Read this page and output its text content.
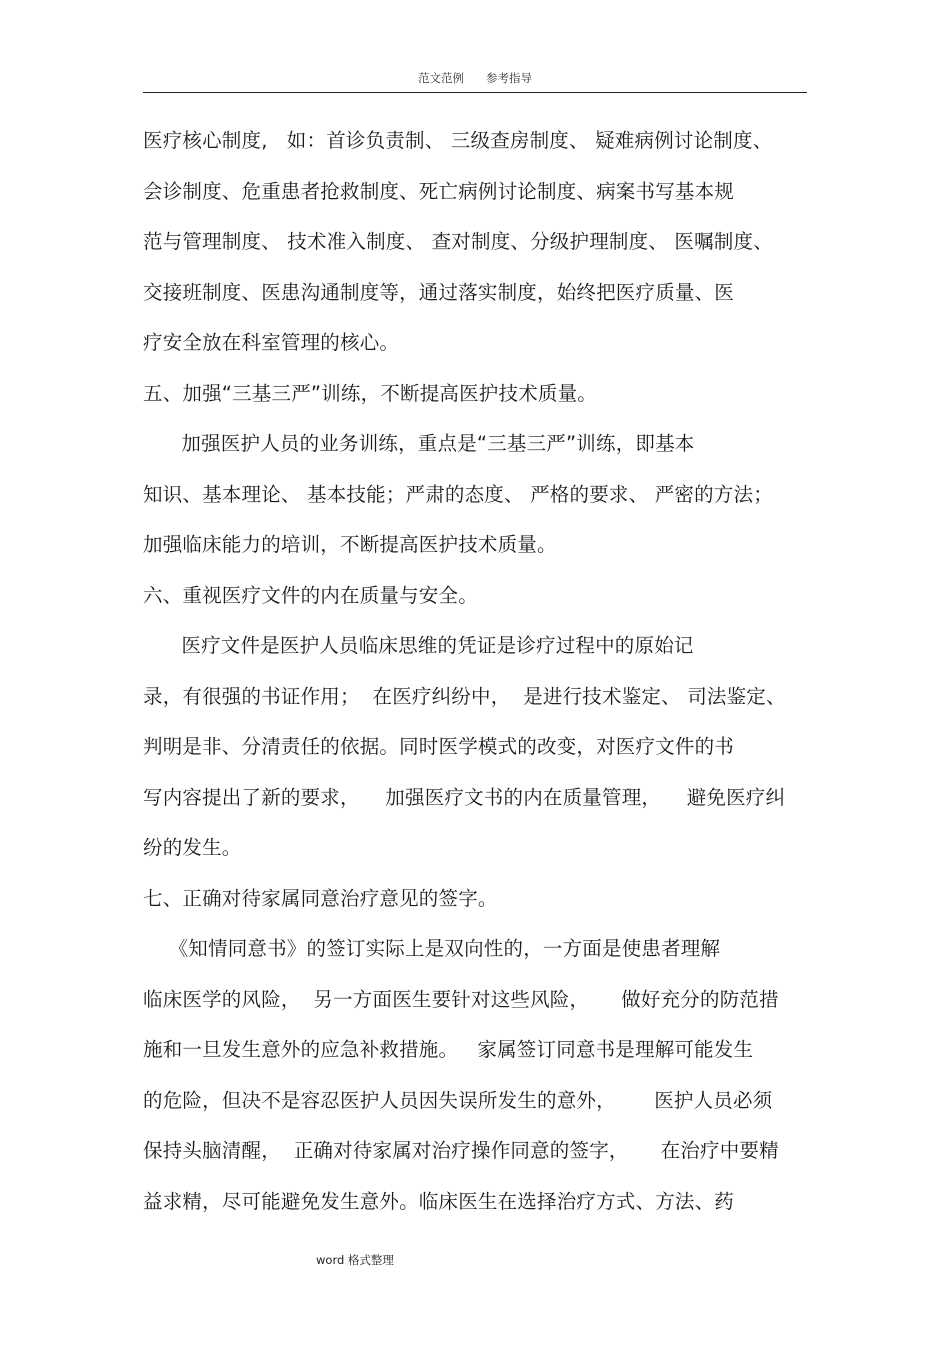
范文范例 参考指导
医疗核心制度,   如：首诊负责制、 三级查房制度、 疑难病例讨论制度、
会诊制度、危重患者抢救制度、死亡病例讨论制度、病案书写基本规
范与管理制度、 技术准入制度、 查对制度、分级护理制度、 医嘱制度、
交接班制度、医患沟通制度等，通过落实制度，始终把医疗质量、医
疗安全放在科室管理的核心。
五、加强“三基三严”训练，不断提高医护技术质量。
加强医护人员的业务训练，重点是“三基三严”训练，即基本
知识、基本理论、 基本技能；严肃的态度、 严格的要求、 严密的方法；
加强临床能力的培训，不断提高医护技术质量。
六、重视医疗文件的内在质量与安全。
医疗文件是医护人员临床思维的凭证是诊疗过程中的原始记
录，有很强的书证作用；  在医疗纠纷中，  是进行技术鉴定、 司法鉴定、
判明是非、分清责任的依据。同时医学模式的改变，对医疗文件的书
写内容提出了新的要求，    加强医疗文书的内在质量管理，    避免医疗纠
纷的发生。
七、正确对待家属同意治疗意见的签字。
《知情同意书》的签订实际上是双向性的，一方面是使患者理解
临床医学的风险，  另一方面医生要针对这些风险，     做好充分的防范措
施和一旦发生意外的应急补救措施。   家属签订同意书是理解可能发生
的危险，但决不是容忍医护人员因失误所发生的意外，      医护人员必须
保持头脑清醒，  正确对待家属对治疗操作同意的签字，     在治疗中要精
益求精，尽可能避免发生意外。临床医生在选择治疗方式、方法、药
word 格式整理
